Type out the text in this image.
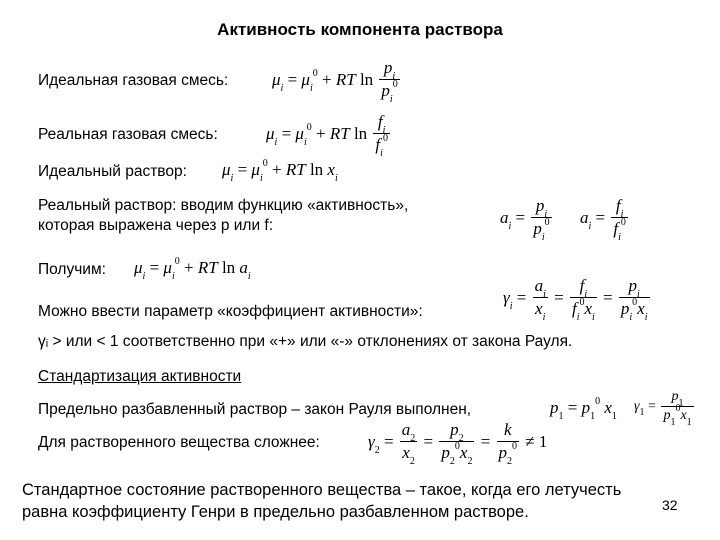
Активность компонента раствора
Идеальная газовая смесь:	$\mu_i = \mu_i^0$ + RT $\ln \frac{p_i}{p_i^0}$
Реальная газовая смесь:	$\mu_i = \mu_i^0$ + RT $\ln \frac{f_i}{f_i^0}$
Идеальный раствор: $\mu_i = \mu_i^0$ + RT $\ln x_i$
Реальный раствор: вводим функцию «активность»,
которая выражена через p или f:	$a_i = \frac{p_i}{p_i^0} a_i = \frac{f_i}{f_i^0}$
Получим: $\mu_i = \mu_i^0$ + RT $\ln a_i$
Можно ввести параметр «коэффициент активности»:
$\gamma_i = \frac{a_i}{x_i} = \frac{f_i}{f_i^0x_i} = \frac{p_i}{p_i^0x_i}$
γᵢ > или < 1 соответственно при «+» или «-» отклонениях от закона Рауля.
Стандартизация активности
Предельно разбавленный раствор – закон Рауля выполнен,	$p_1 = p_1^0$ $x_1$
$\gamma_1 = \frac{p_1}{p_1^0x_1}$
Для растворенного вещества сложнее:	$\gamma_2 = \frac{a_2}{x_2} = \frac{p_2}{p_2^0x_2} = \frac{k}{p_2^0} \ne 1$
Стандартное состояние растворенного вещества – такое, когда его летучесть
равна коэффициенту Генри в предельно разбавленном растворе.	32
